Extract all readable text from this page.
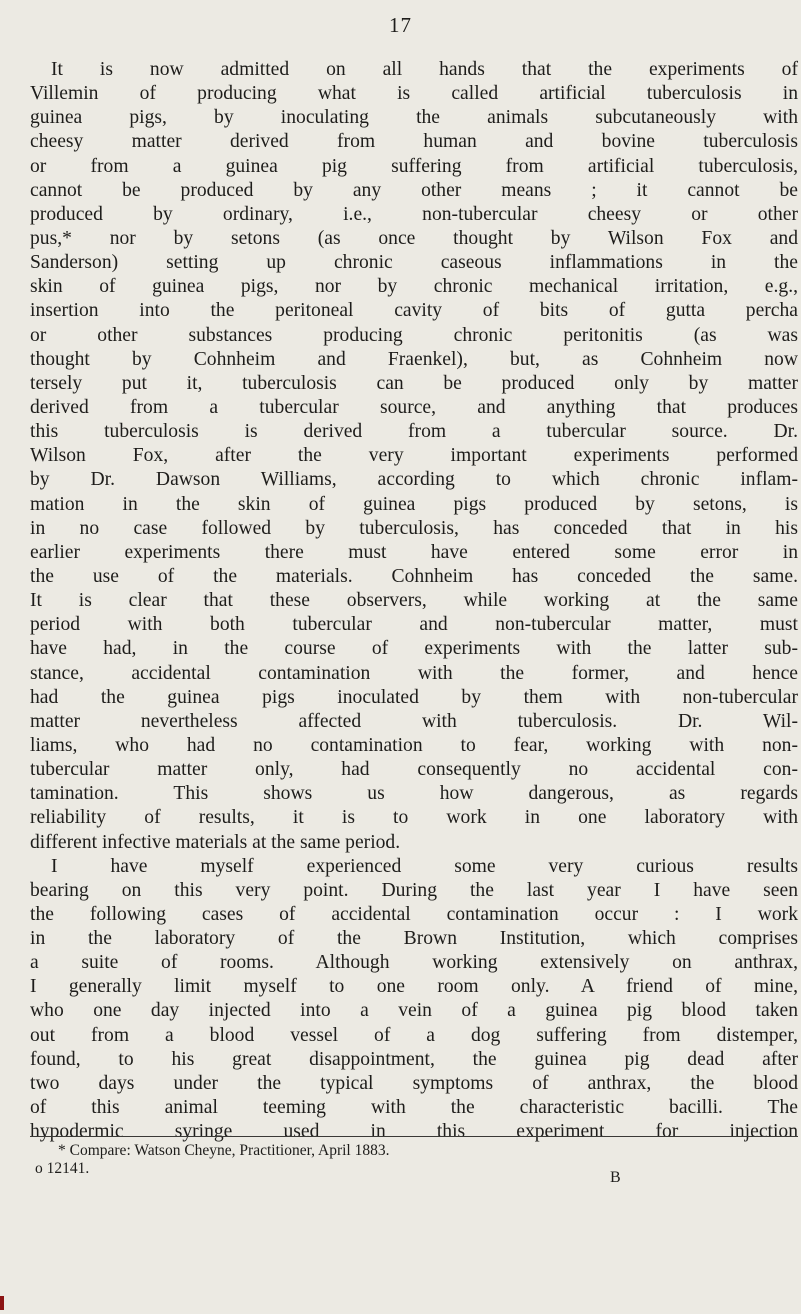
17
It is now admitted on all hands that the experiments of
Villemin of producing what is called artificial tuberculosis in
guinea pigs, by inoculating the animals subcutaneously with
cheesy matter derived from human and bovine tuberculosis
or from a guinea pig suffering from artificial tuberculosis,
cannot be produced by any other means ; it cannot be
produced by ordinary, i.e., non-tubercular cheesy or other
pus,* nor by setons (as once thought by Wilson Fox and
Sanderson) setting up chronic caseous inflammations in the
skin of guinea pigs, nor by chronic mechanical irritation, e.g.,
insertion into the peritoneal cavity of bits of gutta percha
or other substances producing chronic peritonitis (as was
thought by Cohnheim and Fraenkel), but, as Cohnheim now
tersely put it, tuberculosis can be produced only by matter
derived from a tubercular source, and anything that produces
this tuberculosis is derived from a tubercular source. Dr.
Wilson Fox, after the very important experiments performed
by Dr. Dawson Williams, according to which chronic inflam-
mation in the skin of guinea pigs produced by setons, is
in no case followed by tuberculosis, has conceded that in his
earlier experiments there must have entered some error in
the use of the materials. Cohnheim has conceded the same.
It is clear that these observers, while working at the same
period with both tubercular and non-tubercular matter, must
have had, in the course of experiments with the latter sub-
stance, accidental contamination with the former, and hence
had the guinea pigs inoculated by them with non-tubercular
matter nevertheless affected with tuberculosis. Dr. Wil-
liams, who had no contamination to fear, working with non-
tubercular matter only, had consequently no accidental con-
tamination. This shows us how dangerous, as regards
reliability of results, it is to work in one laboratory with
different infective materials at the same period.
I have myself experienced some very curious results
bearing on this very point. During the last year I have seen
the following cases of accidental contamination occur : I work
in the laboratory of the Brown Institution, which comprises
a suite of rooms. Although working extensively on anthrax,
I generally limit myself to one room only. A friend of mine,
who one day injected into a vein of a guinea pig blood taken
out from a blood vessel of a dog suffering from distemper,
found, to his great disappointment, the guinea pig dead after
two days under the typical symptoms of anthrax, the blood
of this animal teeming with the characteristic bacilli. The
hypodermic syringe used in this experiment for injection
* Compare: Watson Cheyne, Practitioner, April 1883.
o 12141.
B
